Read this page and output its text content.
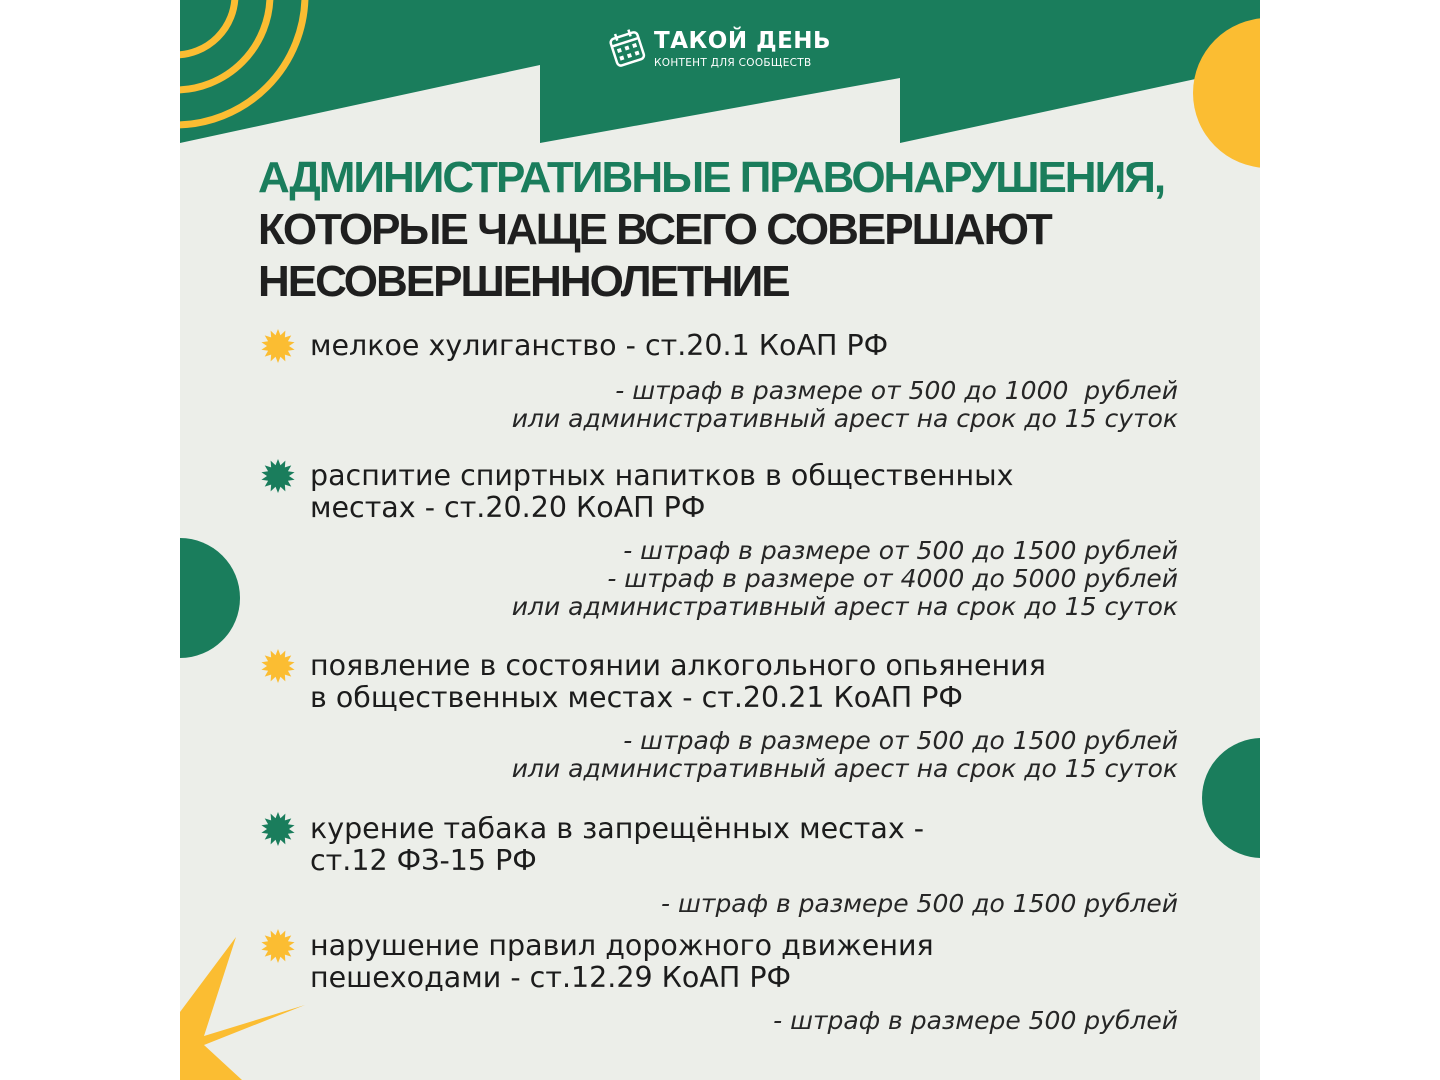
ТАКОЙ ДЕНЬ
КОНТЕНТ ДЛЯ СООБЩЕСТВ
АДМИНИСТРАТИВНЫЕ ПРАВОНАРУШЕНИЯ,
КОТОРЫЕ ЧАЩЕ ВСЕГО СОВЕРШАЮТ
НЕСОВЕРШЕННОЛЕТНИЕ
мелкое хулиганство - ст.20.1 КоАП РФ
- штраф в размере от 500 до 1000  рублей
или административный арест на срок до 15 суток
распитие спиртных напитков в общественных
местах - ст.20.20 КоАП РФ
- штраф в размере от 500 до 1500 рублей
- штраф в размере от 4000 до 5000 рублей
или административный арест на срок до 15 суток
появление в состоянии алкогольного опьянения
в общественных местах - ст.20.21 КоАП РФ
- штраф в размере от 500 до 1500 рублей
или административный арест на срок до 15 суток
курение табака в запрещённых местах -
ст.12 ФЗ-15 РФ
- штраф в размере 500 до 1500 рублей
нарушение правил дорожного движения
пешеходами - ст.12.29 КоАП РФ
- штраф в размере 500 рублей
